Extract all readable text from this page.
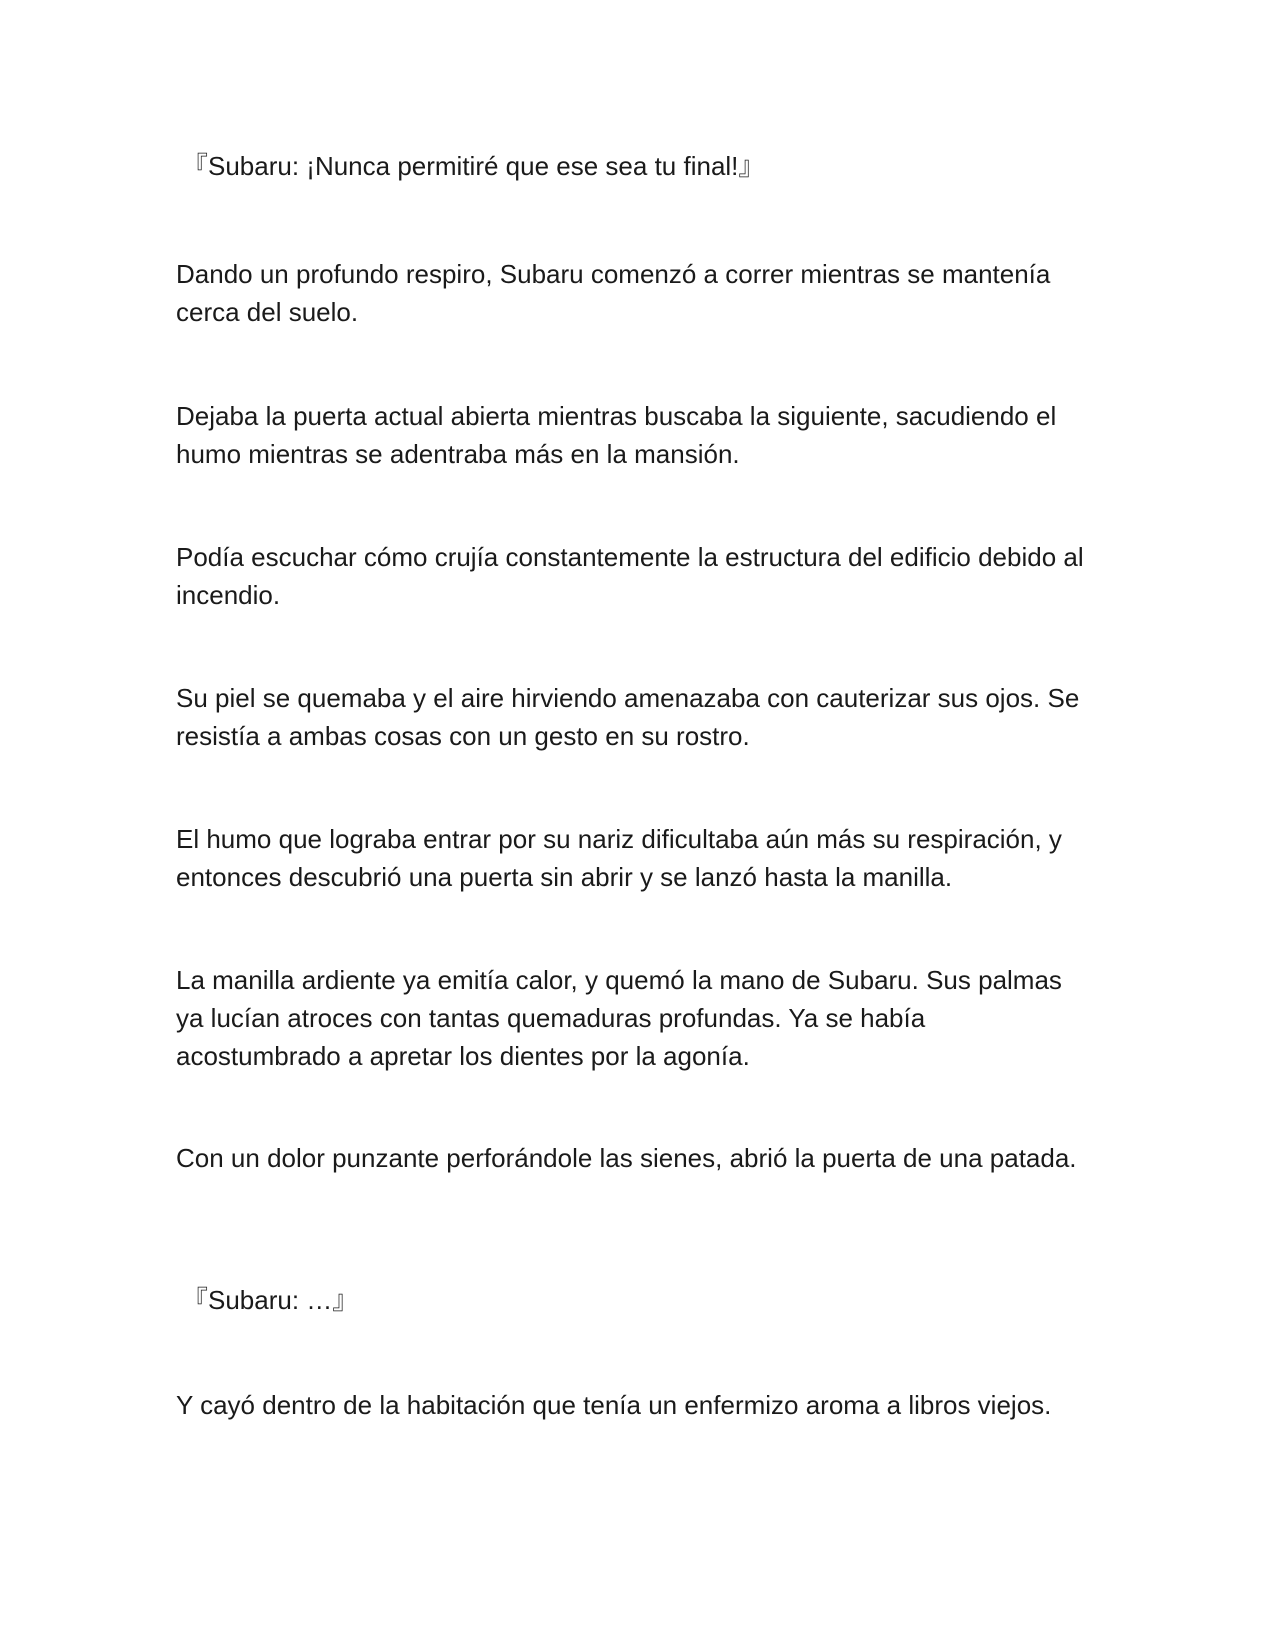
『Subaru: ¡Nunca permitiré que ese sea tu final!』

Dando un profundo respiro, Subaru comenzó a correr mientras se mantenía cerca del suelo.

Dejaba la puerta actual abierta mientras buscaba la siguiente, sacudiendo el humo mientras se adentraba más en la mansión.

Podía escuchar cómo crujía constantemente la estructura del edificio debido al incendio.

Su piel se quemaba y el aire hirviendo amenazaba con cauterizar sus ojos. Se resistía a ambas cosas con un gesto en su rostro.

El humo que lograba entrar por su nariz dificultaba aún más su respiración, y entonces descubrió una puerta sin abrir y se lanzó hasta la manilla.

La manilla ardiente ya emitía calor, y quemó la mano de Subaru. Sus palmas ya lucían atroces con tantas quemaduras profundas. Ya se había acostumbrado a apretar los dientes por la agonía.

Con un dolor punzante perforándole las sienes, abrió la puerta de una patada.

『Subaru: …』

Y cayó dentro de la habitación que tenía un enfermizo aroma a libros viejos.
